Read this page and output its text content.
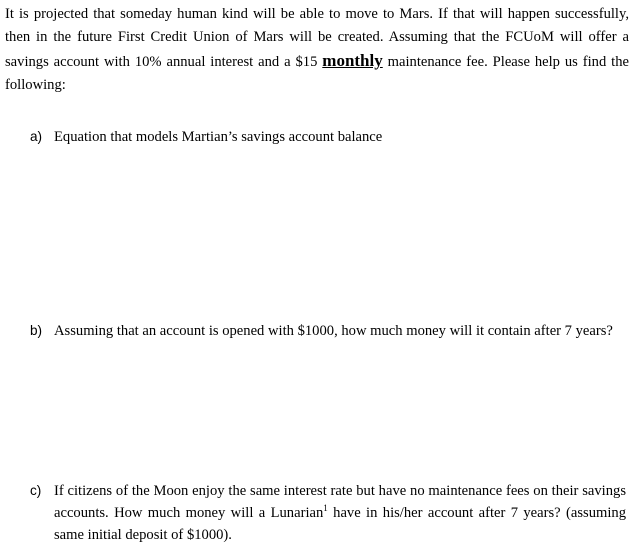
It is projected that someday human kind will be able to move to Mars. If that will happen successfully, then in the future First Credit Union of Mars will be created. Assuming that the FCUoM will offer a savings account with 10% annual interest and a $15 monthly maintenance fee. Please help us find the following:

a) Equation that models Martian’s savings account balance
b) Assuming that an account is opened with $1000, how much money will it contain after 7 years?
c) If citizens of the Moon enjoy the same interest rate but have no maintenance fees on their savings accounts. How much money will a Lunarian$^1$ have in his/her account after 7 years? (assuming same initial deposit of $1000).
